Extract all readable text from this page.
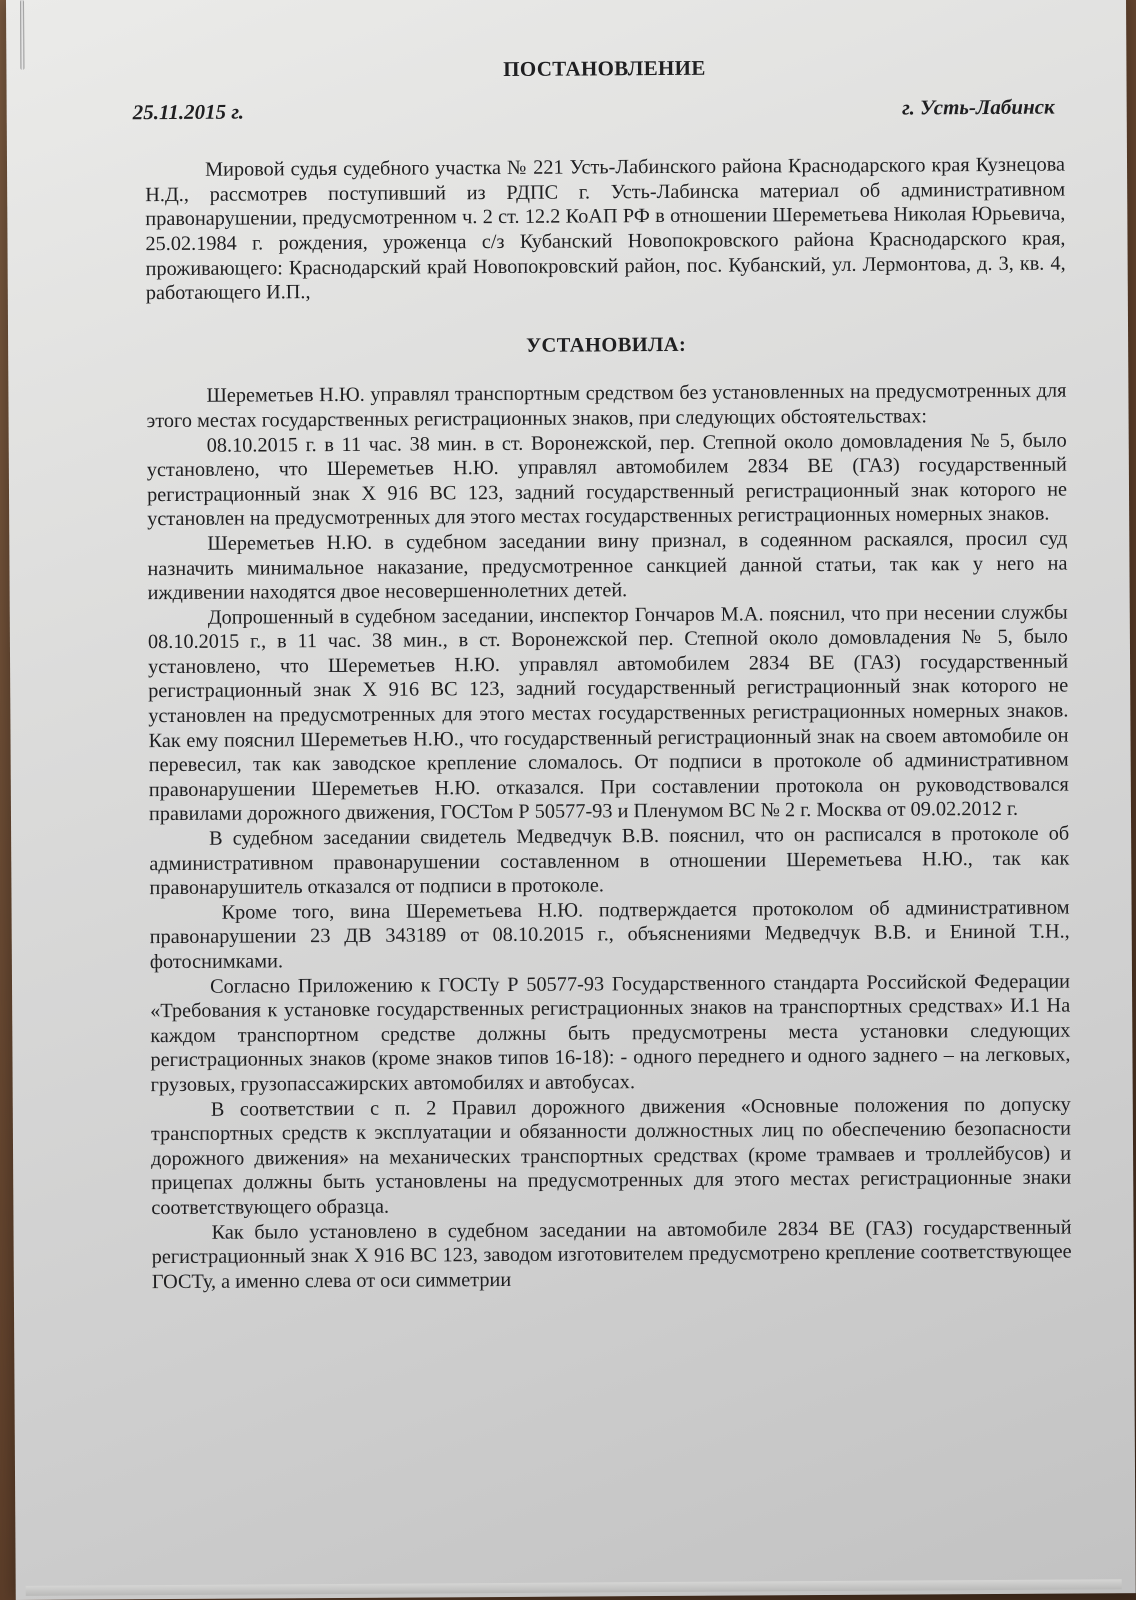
ПОСТАНОВЛЕНИЕ
25.11.2015 г.	г. Усть-Лабинск

Мировой судья судебного участка № 221 Усть-Лабинского района Краснодарского края Кузнецова Н.Д., рассмотрев поступивший из РДПС г. Усть-Лабинска материал об административном правонарушении, предусмотренном ч. 2 ст. 12.2 КоАП РФ в отношении Шереметьева Николая Юрьевича, 25.02.1984 г. рождения, уроженца с/з Кубанский Новопокровского района Краснодарского края, проживающего: Краснодарский край Новопокровский район, пос. Кубанский, ул. Лермонтова, д. 3, кв. 4, работающего И.П.,

УСТАНОВИЛА:

Шереметьев Н.Ю. управлял транспортным средством без установленных на предусмотренных для этого местах государственных регистрационных знаков, при следующих обстоятельствах:

08.10.2015 г. в 11 час. 38 мин. в ст. Воронежской, пер. Степной около домовладения № 5, было установлено, что Шереметьев Н.Ю. управлял автомобилем 2834 ВЕ (ГАЗ) государственный регистрационный знак Х 916 ВС 123, задний государственный регистрационный знак которого не установлен на предусмотренных для этого местах государственных регистрационных номерных знаков.

Шереметьев Н.Ю. в судебном заседании вину признал, в содеянном раскаялся, просил суд назначить минимальное наказание, предусмотренное санкцией данной статьи, так как у него на иждивении находятся двое несовершеннолетних детей.

Допрошенный в судебном заседании, инспектор Гончаров М.А. пояснил, что при несении службы 08.10.2015 г., в 11 час. 38 мин., в ст. Воронежской пер. Степной около домовладения № 5, было установлено, что Шереметьев Н.Ю. управлял автомобилем 2834 ВЕ (ГАЗ) государственный регистрационный знак Х 916 ВС 123, задний государственный регистрационный знак которого не установлен на предусмотренных для этого местах государственных регистрационных номерных знаков. Как ему пояснил Шереметьев Н.Ю., что государственный регистрационный знак на своем автомобиле он перевесил, так как заводское крепление сломалось. От подписи в протоколе об административном правонарушении Шереметьев Н.Ю. отказался. При составлении протокола он руководствовался правилами дорожного движения, ГОСТом Р 50577-93 и Пленумом ВС № 2 г. Москва от 09.02.2012 г.

В судебном заседании свидетель Медведчук В.В. пояснил, что он расписался в протоколе об административном правонарушении составленном в отношении Шереметьева Н.Ю., так как правонарушитель отказался от подписи в протоколе.

Кроме того, вина Шереметьева Н.Ю. подтверждается протоколом об административном правонарушении 23 ДВ 343189 от 08.10.2015 г., объяснениями Медведчук В.В. и Ениной Т.Н., фотоснимками.

Согласно Приложению к ГОСТу Р 50577-93 Государственного стандарта Российской Федерации «Требования к установке государственных регистрационных знаков на транспортных средствах» И.1 На каждом транспортном средстве должны быть предусмотрены места установки следующих регистрационных знаков (кроме знаков типов 16-18): - одного переднего и одного заднего – на легковых, грузовых, грузопассажирских автомобилях и автобусах.

В соответствии с п. 2 Правил дорожного движения «Основные положения по допуску транспортных средств к эксплуатации и обязанности должностных лиц по обеспечению безопасности дорожного движения» на механических транспортных средствах (кроме трамваев и троллейбусов) и прицепах должны быть установлены на предусмотренных для этого местах регистрационные знаки соответствующего образца.

Как было установлено в судебном заседании на автомобиле 2834 ВЕ (ГАЗ) государственный регистрационный знак Х 916 ВС 123, заводом изготовителем предусмотрено крепление соответствующее ГОСТу, а именно слева от оси симметрии
